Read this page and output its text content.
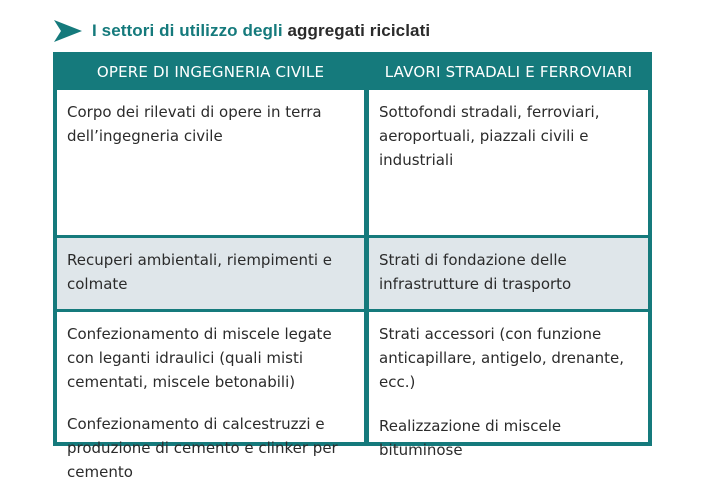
I settori di utilizzo degli aggregati riciclati
OPERE DI INGEGNERIA CIVILE	LAVORI STRADALI E FERROVIARI
Corpo dei rilevati di opere in terra dell’ingegneria civile
Sottofondi stradali, ferroviari, aeroportuali, piazzali civili e industriali
Recuperi ambientali, riempimenti e colmate
Strati di fondazione delle infrastrutture di trasporto
Confezionamento di miscele legate con leganti idraulici (quali misti cementati, miscele betonabili)
Confezionamento di calcestruzzi e produzione di cemento e clinker per cemento
Strati accessori (con funzione anticapillare, antigelo, drenante, ecc.)
Realizzazione di miscele bituminose
